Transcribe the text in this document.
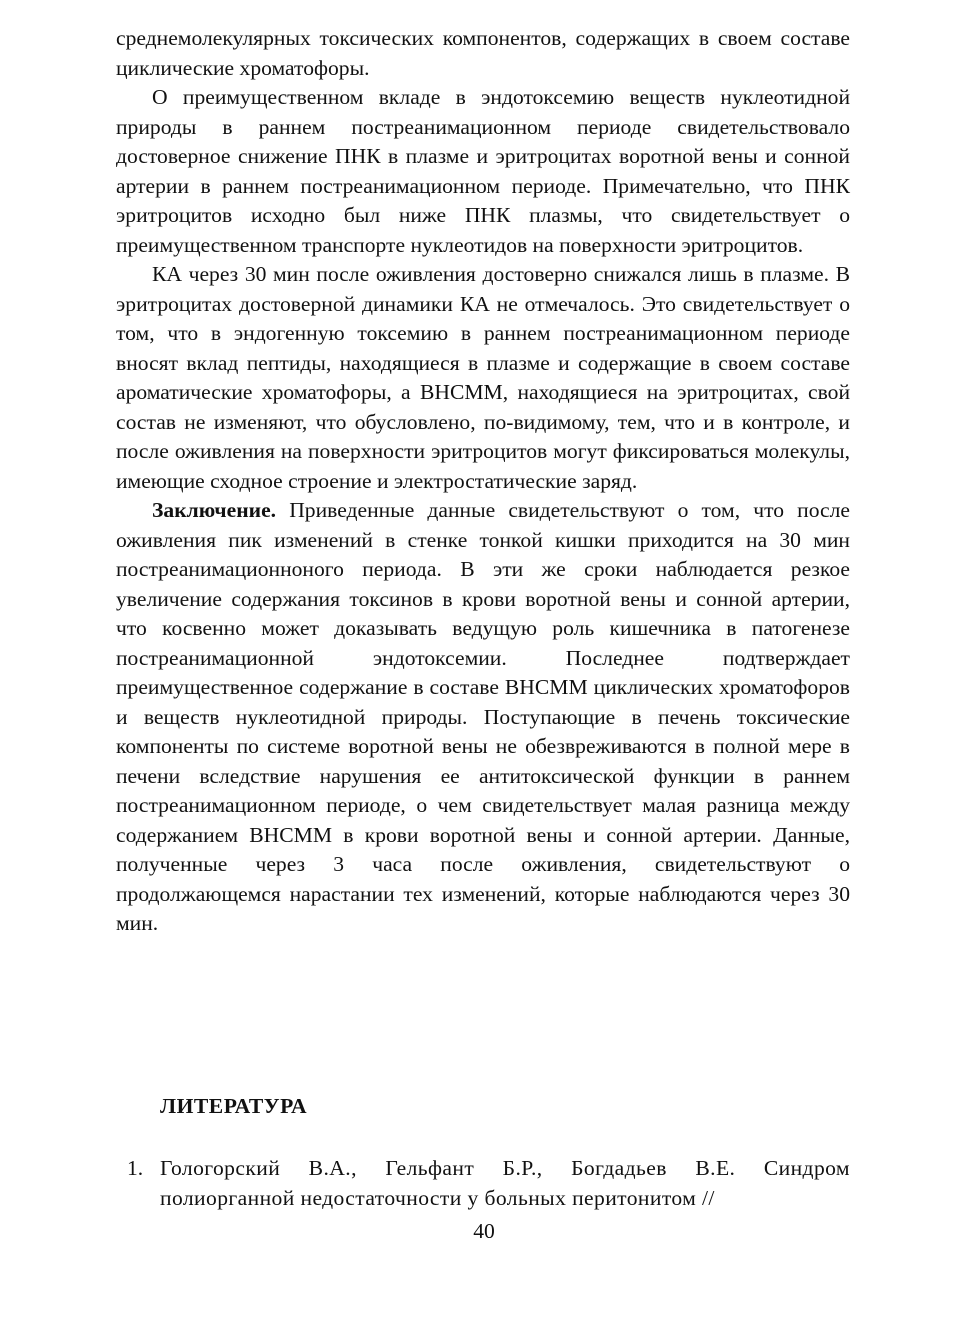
среднемолекулярных токсических компонентов, содержащих в своем составе циклические хроматофоры.

О преимущественном вкладе в эндотоксемию веществ нуклеотидной природы в раннем постреанимационном периоде свидетельствовало достоверное снижение ПНК в плазме и эритроцитах воротной вены и сонной артерии в раннем постреанимационном периоде. Примечательно, что ПНК эритроцитов исходно был ниже ПНК плазмы, что свидетельствует о преимущественном транспорте нуклеотидов на поверхности эритроцитов.

КА через 30 мин после оживления достоверно снижался лишь в плазме. В эритроцитах достоверной динамики КА не отмечалось. Это свидетельствует о том, что в эндогенную токсемию в раннем постреанимационном периоде вносят вклад пептиды, находящиеся в плазме и содержащие в своем составе ароматические хроматофоры, а ВНСММ, находящиеся на эритроцитах, свой состав не изменяют, что обусловлено, по-видимому, тем, что и в контроле, и после оживления на поверхности эритроцитов могут фиксироваться молекулы, имеющие сходное строение и электростатические заряд.

Заключение. Приведенные данные свидетельствуют о том, что после оживления пик изменений в стенке тонкой кишки приходится на 30 мин постреанимационноного периода. В эти же сроки наблюдается резкое увеличение содержания токсинов в крови воротной вены и сонной артерии, что косвенно может доказывать ведущую роль кишечника в патогенезе постреанимационной эндотоксемии. Последнее подтверждает преимущественное содержание в составе ВНСММ циклических хроматофоров и веществ нуклеотидной природы. Поступающие в печень токсические компоненты по системе воротной вены не обезвреживаются в полной мере в печени вследствие нарушения ее антитоксической функции в раннем постреанимационном периоде, о чем свидетельствует малая разница между содержанием ВНСММ в крови воротной вены и сонной артерии. Данные, полученные через 3 часа после оживления, свидетельствуют о продолжающемся нарастании тех изменений, которые наблюдаются через 30 мин.

ЛИТЕРАТУРА
1. Гологорский В.А., Гельфант Б.Р., Богдадьев В.Е. Синдром полиорганной недостаточности у больных перитонитом //
40
